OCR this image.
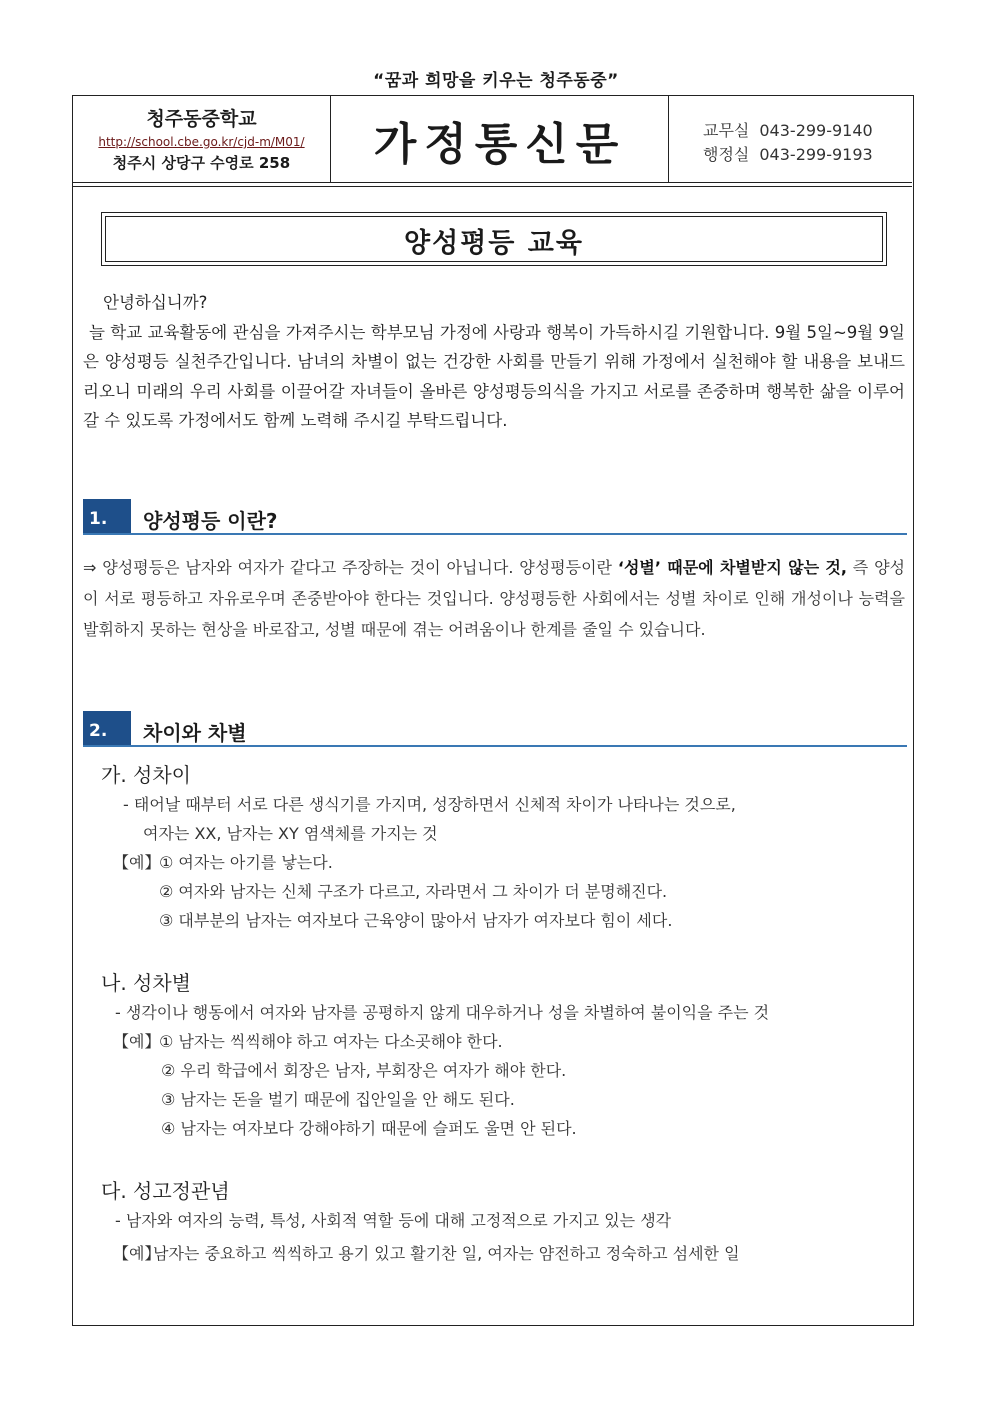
“꿈과 희망을 키우는 청주동중”
청주동중학교
http://school.cbe.go.kr/cjd-m/M01/
청주시 상당구 수영로 258	가정통신문	교무실 043-299-9140
행정실 043-299-9193
양성평등 교육

안녕하십니까?

늘 학교 교육활동에 관심을 가져주시는 학부모님 가정에 사랑과 행복이 가득하시길 기원합니다. 9월 5일~9월 9일은 양성평등 실천주간입니다. 남녀의 차별이 없는 건강한 사회를 만들기 위해 가정에서 실천해야 할 내용을 보내드리오니 미래의 우리 사회를 이끌어갈 자녀들이 올바른 양성평등의식을 가지고 서로를 존중하며 행복한 삶을 이루어 갈 수 있도록 가정에서도 함께 노력해 주시길 부탁드립니다.

1.	양성평등 이란?
⇒ 양성평등은 남자와 여자가 같다고 주장하는 것이 아닙니다. 양성평등이란 ‘성별’ 때문에 차별받지 않는 것, 즉 양성이 서로 평등하고 자유로우며 존중받아야 한다는 것입니다. 양성평등한 사회에서는 성별 차이로 인해 개성이나 능력을 발휘하지 못하는 현상을 바로잡고, 성별 때문에 겪는 어려움이나 한계를 줄일 수 있습니다.
2.	차이와 차별
가. 성차이
- 태어날 때부터 서로 다른 생식기를 가지며, 성장하면서 신체적 차이가 나타나는 것으로,
여자는 XX, 남자는 XY 염색체를 가지는 것
【예】
① 여자는 아기를 낳는다.
② 여자와 남자는 신체 구조가 다르고, 자라면서 그 차이가 더 분명해진다.
③ 대부분의 남자는 여자보다 근육양이 많아서 남자가 여자보다 힘이 세다.
나. 성차별
- 생각이나 행동에서 여자와 남자를 공평하지 않게 대우하거나 성을 차별하여 불이익을 주는 것
【예】
① 남자는 씩씩해야 하고 여자는 다소곳해야 한다.
② 우리 학급에서 회장은 남자, 부회장은 여자가 해야 한다.
③ 남자는 돈을 벌기 때문에 집안일을 안 해도 된다.
④ 남자는 여자보다 강해야하기 때문에 슬퍼도 울면 안 된다.
다. 성고정관념
- 남자와 여자의 능력, 특성, 사회적 역할 등에 대해 고정적으로 가지고 있는 생각
【예】
남자는 중요하고 씩씩하고 용기 있고 활기찬 일, 여자는 얌전하고 정숙하고 섬세한 일
